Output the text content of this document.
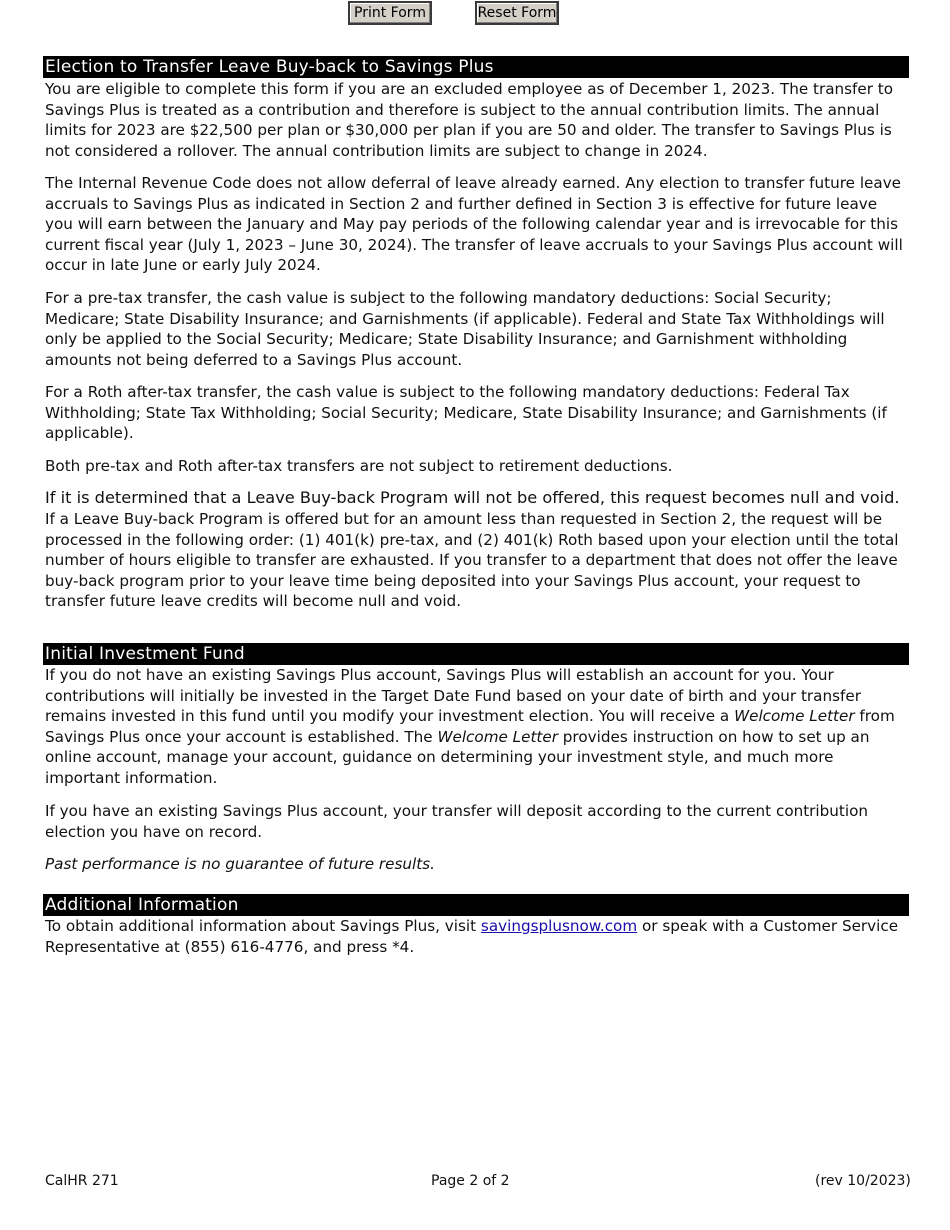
Print Form	Reset Form
Election to Transfer Leave Buy-back to Savings Plus

You are eligible to complete this form if you are an excluded employee as of December 1, 2023. The transfer to Savings Plus is treated as a contribution and therefore is subject to the annual contribution limits. The annual limits for 2023 are $22,500 per plan or $30,000 per plan if you are 50 and older. The transfer to Savings Plus is not considered a rollover. The annual contribution limits are subject to change in 2024.

The Internal Revenue Code does not allow deferral of leave already earned. Any election to transfer future leave accruals to Savings Plus as indicated in Section 2 and further defined in Section 3 is effective for future leave you will earn between the January and May pay periods of the following calendar year and is irrevocable for this current fiscal year (July 1, 2023 – June 30, 2024). The transfer of leave accruals to your Savings Plus account will occur in late June or early July 2024.

For a pre-tax transfer, the cash value is subject to the following mandatory deductions: Social Security; Medicare; State Disability Insurance; and Garnishments (if applicable). Federal and State Tax Withholdings will only be applied to the Social Security; Medicare; State Disability Insurance; and Garnishment withholding amounts not being deferred to a Savings Plus account.

For a Roth after-tax transfer, the cash value is subject to the following mandatory deductions: Federal Tax Withholding; State Tax Withholding; Social Security; Medicare, State Disability Insurance; and Garnishments (if applicable).

Both pre-tax and Roth after-tax transfers are not subject to retirement deductions.

If it is determined that a Leave Buy-back Program will not be offered, this request becomes null and void.

If a Leave Buy-back Program is offered but for an amount less than requested in Section 2, the request will be processed in the following order: (1) 401(k) pre-tax, and (2) 401(k) Roth based upon your election until the total number of hours eligible to transfer are exhausted. If you transfer to a department that does not offer the leave buy-back program prior to your leave time being deposited into your Savings Plus account, your request to transfer future leave credits will become null and void.

Initial Investment Fund

If you do not have an existing Savings Plus account, Savings Plus will establish an account for you. Your contributions will initially be invested in the Target Date Fund based on your date of birth and your transfer remains invested in this fund until you modify your investment election. You will receive a Welcome Letter from Savings Plus once your account is established. The Welcome Letter provides instruction on how to set up an online account, manage your account, guidance on determining your investment style, and much more important information.

If you have an existing Savings Plus account, your transfer will deposit according to the current contribution election you have on record.

Past performance is no guarantee of future results.

Additional Information

To obtain additional information about Savings Plus, visit savingsplusnow.com or speak with a Customer Service Representative at (855) 616-4776, and press *4.

CalHR 271	Page 2 of 2	(rev 10/2023)
